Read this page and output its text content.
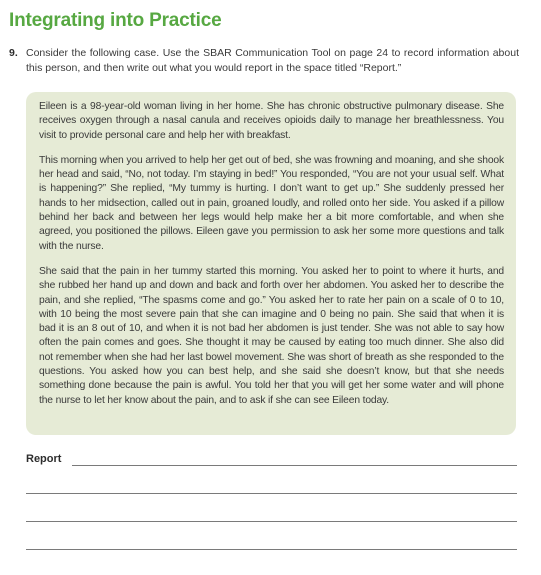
Integrating into Practice
9. Consider the following case. Use the SBAR Communication Tool on page 24 to record information about this person, and then write out what you would report in the space titled “Report.”

Eileen is a 98-year-old woman living in her home. She has chronic obstructive pulmonary disease. She receives oxygen through a nasal canula and receives opioids daily to manage her breathlessness. You visit to provide personal care and help her with breakfast.

This morning when you arrived to help her get out of bed, she was frowning and moaning, and she shook her head and said, “No, not today. I’m staying in bed!” You responded, “You are not your usual self. What is happening?” She replied, “My tummy is hurting. I don’t want to get up.” She suddenly pressed her hands to her midsection, called out in pain, groaned loudly, and rolled onto her side. You asked if a pillow behind her back and between her legs would help make her a bit more comfortable, and when she agreed, you positioned the pillows. Eileen gave you permission to ask her some more questions and talk with the nurse.

She said that the pain in her tummy started this morning. You asked her to point to where it hurts, and she rubbed her hand up and down and back and forth over her abdomen. You asked her to describe the pain, and she replied, “The spasms come and go.” You asked her to rate her pain on a scale of 0 to 10, with 10 being the most severe pain that she can imagine and 0 being no pain. She said that when it is bad it is an 8 out of 10, and when it is not bad her abdomen is just tender. She was not able to say how often the pain comes and goes. She thought it may be caused by eating too much dinner. She also did not remember when she had her last bowel movement. She was short of breath as she responded to the questions. You asked how you can best help, and she said she doesn’t know, but that she needs something done because the pain is awful. You told her that you will get her some water and will phone the nurse to let her know about the pain, and to ask if she can see Eileen today.

Report
